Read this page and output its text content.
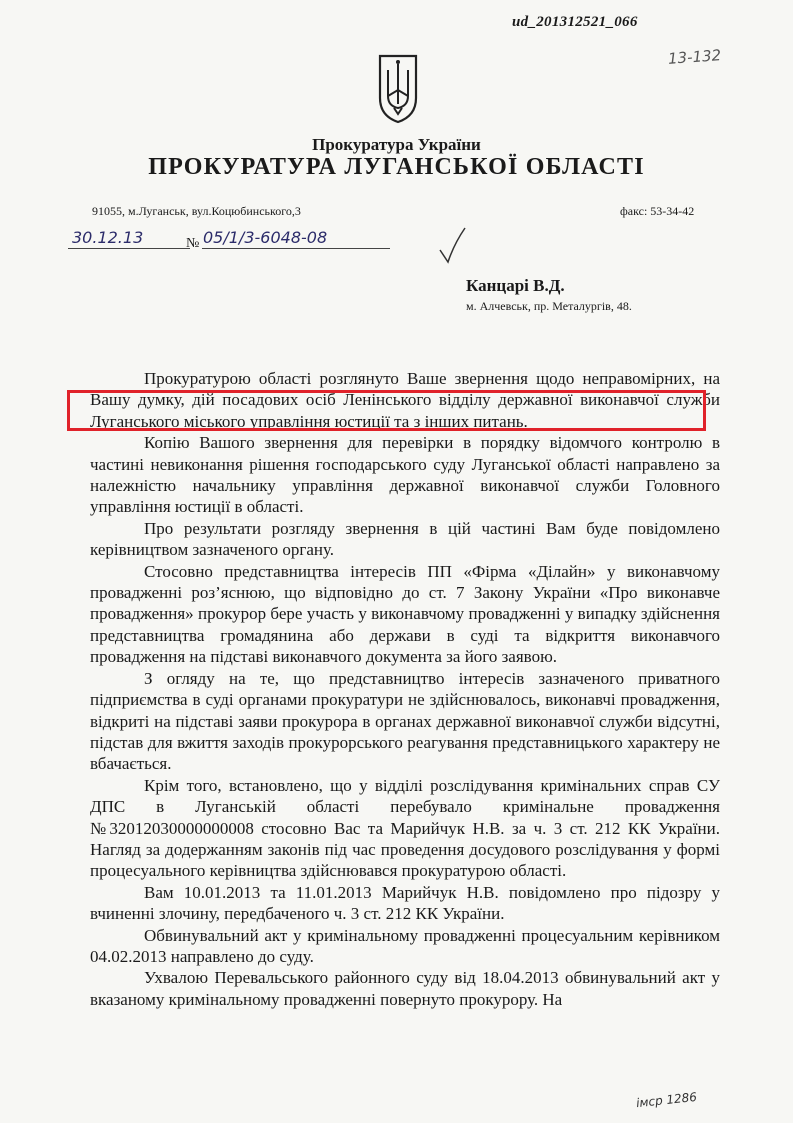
ud_201312521_066
13-132
Прокуратура України
ПРОКУРАТУРА ЛУГАНСЬКОЇ ОБЛАСТІ
91055, м.Луганськ, вул.Коцюбинського,3	факс: 53-34-42
30.12.13	№ 05/1/3-6048-08
Канцарі В.Д.
м. Алчевськ, пр. Металургів, 48.

Прокуратурою області розглянуто Ваше звернення щодо неправомірних, на Вашу думку, дій посадових осіб Ленінського відділу державної виконавчої служби Луганського міського управління юстиції та з інших питань.

Копію Вашого звернення для перевірки в порядку відомчого контролю в частині невиконання рішення господарського суду Луганської області направлено за належністю начальнику управління державної виконавчої служби Головного управління юстиції в області.

Про результати розгляду звернення в цій частині Вам буде повідомлено керівництвом зазначеного органу.

Стосовно представництва інтересів ПП «Фірма «Ділайн» у виконавчому провадженні роз’яснюю, що відповідно до ст. 7 Закону України «Про виконавче провадження» прокурор бере участь у виконавчому провадженні у випадку здійснення представництва громадянина або держави в суді та відкриття виконавчого провадження на підставі виконавчого документа за його заявою.

З огляду на те, що представництво інтересів зазначеного приватного підприємства в суді органами прокуратури не здійснювалось, виконавчі провадження, відкриті на підставі заяви прокурора в органах державної виконавчої служби відсутні, підстав для вжиття заходів прокурорського реагування представницького характеру не вбачається.

Крім того, встановлено, що у відділі розслідування кримінальних справ СУ ДПС в Луганській області перебувало кримінальне провадження №32012030000000008 стосовно Вас та Марийчук Н.В. за ч. 3 ст. 212 КК України. Нагляд за додержанням законів під час проведення досудового розслідування у формі процесуального керівництва здійснювався прокуратурою області.

Вам 10.01.2013 та 11.01.2013 Марийчук Н.В. повідомлено про підозру у вчиненні злочину, передбаченого ч. 3 ст. 212 КК України.

Обвинувальний акт у кримінальному провадженні процесуальним керівником 04.02.2013 направлено до суду.

Ухвалою Перевальського районного суду від 18.04.2013 обвинувальний акт у вказаному кримінальному провадженні повернуто прокурору. На

імср 1286
